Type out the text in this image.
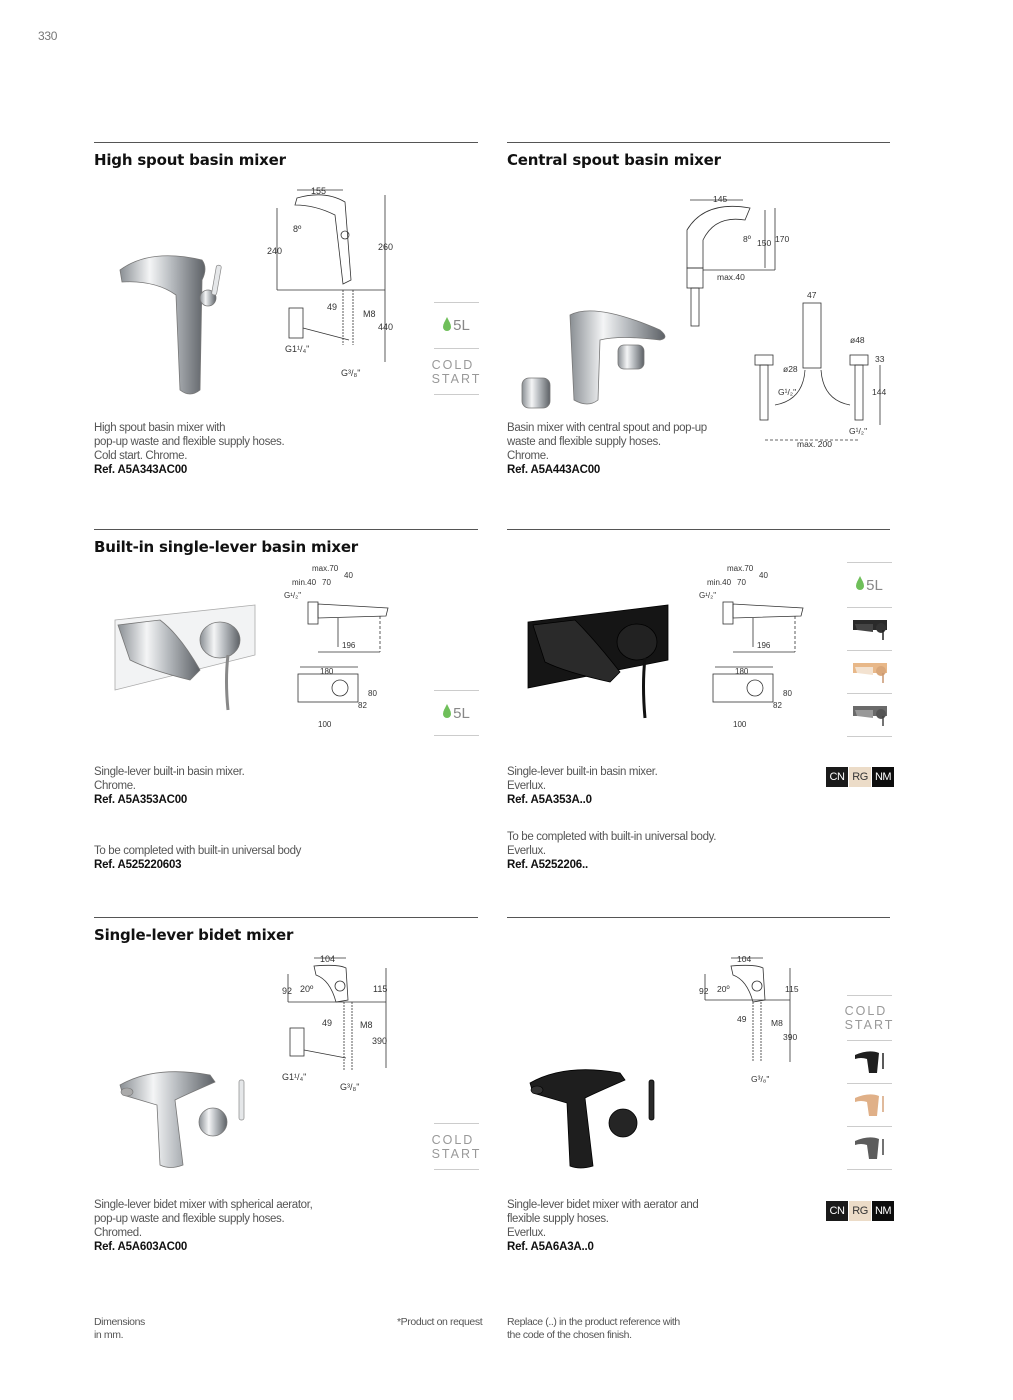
330
High spout basin mixer
155
8º
240	260
49
M8
440
G1¹/₄"
G³/₈"
5L
COLD
START
High spout basin mixer with
pop-up waste and flexible supply hoses.
Cold start. Chrome.
Ref. A5A343AC00
Central spout basin mixer
145
8º 150 170
max.40
47
ø48
ø28
33
144
G¹/₂"
G¹/₂"
max. 200
Basin mixer with central spout and pop-up
waste and flexible supply hoses.
Chrome.
Ref. A5A443AC00
Built-in single-lever basin mixer
max.70
40
min.40 70
G¹/₂"
196
180
80
82
100
5L
Single-lever built-in basin mixer.
Chrome.
Ref. A5A353AC00
To be completed with built-in universal body
Ref. A525220603
max.70
40
min.40 70
G¹/₂"
196
180
80
82
100
5L
Single-lever built-in basin mixer.
Everlux.
Ref. A5A353A..0
CN RG NM
To be completed with built-in universal body.
Everlux.
Ref. A5252206..
Single-lever bidet mixer
104
20º
92	115
49	M8
390
G1¹/₄"
G³/₈"
COLD
START
Single-lever bidet mixer with spherical aerator,
pop-up waste and flexible supply hoses.
Chromed.
Ref. A5A603AC00
104
20º
92	115
49	M8
390
G³/₈"
COLD
START
Single-lever bidet mixer with aerator and
flexible supply hoses.
Everlux.
Ref. A5A6A3A..0
CN RG NM
Dimensions
in mm.
*Product on request Replace (..) in the product reference with
the code of the chosen finish.
